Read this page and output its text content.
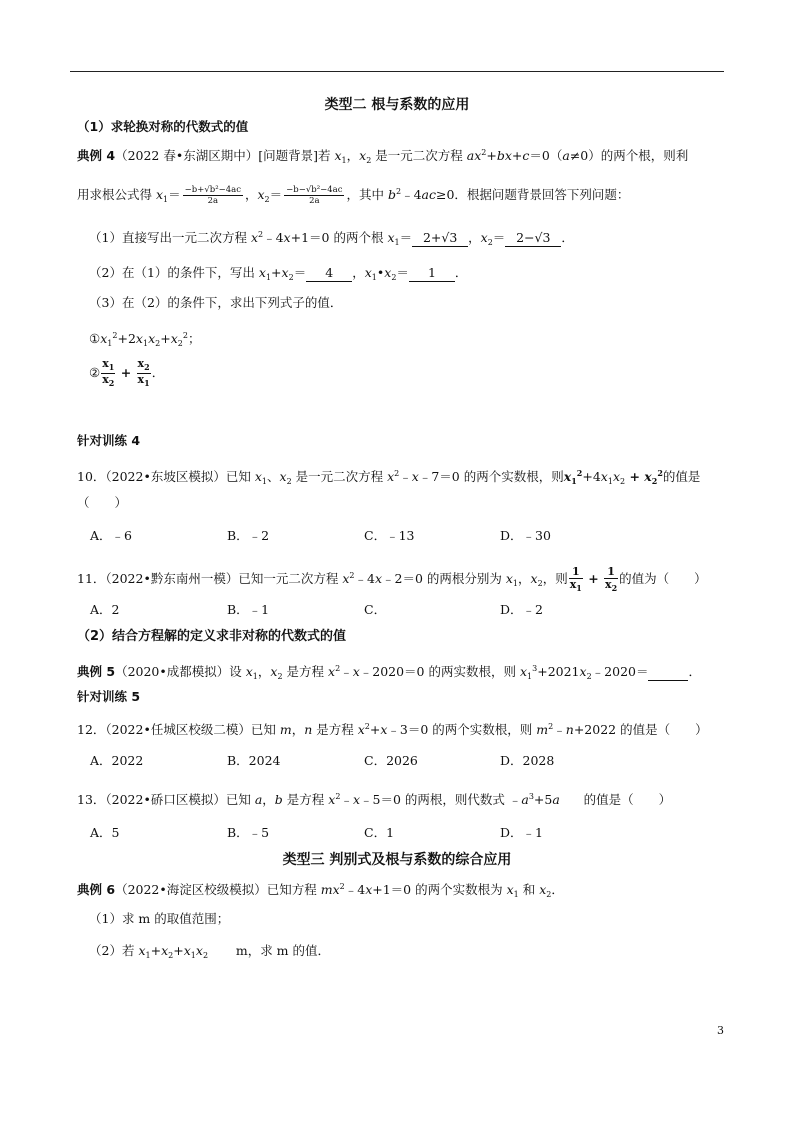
类型二 根与系数的应用
（1）求轮换对称的代数式的值
典例 4（2022 春•东湖区期中）[问题背景]若 $x_1$，$x_2$ 是一元二次方程 $ax^2+bx+c=0(a\ne 0)$的两个根，则利
用求根公式得 $x_1= \frac{\text{−b+√b²−4ac}}{2a}$ ，$x_2= \frac{\text{−b−√b²−4ac}}{2a}$ ，其中 $b^2﹣4ac\ge 0$．根据问题背景回答下列问题：
（1）直接写出一元二次方程 $x^2﹣4x+1=0$ 的两个根 $x_1= 2+√3$ ，$x_2= 2-√3$ ．
（2）在（1）的条件下，写出 $x_1+x_2= 4$ ，$x_1•x_2= 1$ ．
（3）在（2）的条件下，求出下列式子的值．
$①x_1^2+2x_1x_2+x_2^2$；
② $\frac{x_1}{x_2} + \frac{x_2}{x_1}$ ．
针对训练 4
10．（2022•东坡区模拟）已知 $x_1$、$x_2$ 是一元二次方程 $x^2﹣x﹣7=0$ 的两个实数根，则$x_1^2+4x_1x_2 + x_2^2$的值是
（　　）
A．﹣6	B．﹣2	C．﹣13	D．﹣30
11．（2022•黔东南州一模）已知一元二次方程 $x^2﹣4x﹣2=0$ 的两根分别为 $x_1$，$x_2$，则 $\frac{1}{x_1} + \frac{1}{x_2}$ 的值为（　　）
A．2	B．﹣1	C．	D．﹣2
（2）结合方程解的定义求非对称的代数式的值
典例 5（2020•成都模拟）设 $x_1$，$x_2$ 是方程 $x^2﹣x﹣2020=0$ 的两实数根，则 $x_1^3+2021x_2﹣2020=$	．
针对训练 5
12．（2022•任城区校级二模）已知 m，n 是方程 $x^2+x﹣3=0$ 的两个实数根，则 $m^2﹣n+2022$ 的值是（　　）
A．2022	B．2024	C．2026	D．2028
13．（2022•硚口区模拟）已知 a，b 是方程 $x^2﹣x﹣5=0$ 的两根，则代数式 $﹣a^3+5a$ 的值是（　　）
A．5	B．﹣5	C．1	D．﹣1
类型三 判别式及根与系数的综合应用
典例 6（2022•海淀区校级模拟）已知方程 $mx^2﹣4x+1=0$ 的两个实数根为 $x_1$ 和 $x_2$．
（1）求 m 的取值范围；
（2）若 $x_1+x_2+x_1x_2$ m，求 m 的值．
3
